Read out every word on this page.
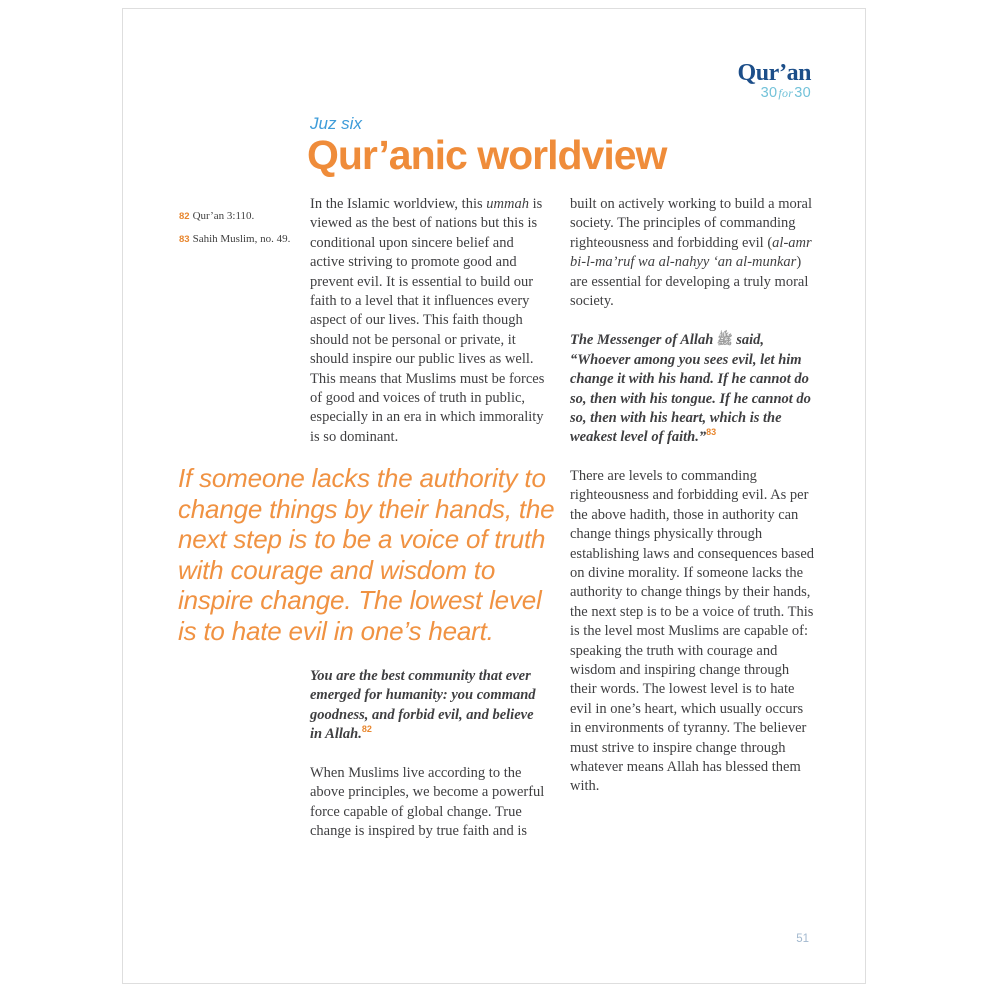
Qur’an
30for30
Juz six
Qur’anic worldview
82 Qur’an 3:110.
83 Sahih Muslim, no. 49.
In the Islamic worldview, this ummah is viewed as the best of nations but this is conditional upon sincere belief and active striving to promote good and prevent evil. It is essential to build our faith to a level that it influences every aspect of our lives. This faith though should not be personal or private, it should inspire our public lives as well. This means that Muslims must be forces of good and voices of truth in public, especially in an era in which immorality is so dominant.
If someone lacks the authority to change things by their hands, the next step is to be a voice of truth with courage and wisdom to inspire change. The lowest level is to hate evil in one’s heart.
You are the best community that ever emerged for humanity: you command goodness, and forbid evil, and believe in Allah.$^{82}$
When Muslims live according to the above principles, we become a powerful force capable of global change. True change is inspired by true faith and is
built on actively working to build a moral society. The principles of commanding righteousness and forbidding evil (al-amr bi-l-ma’ruf wa al-nahyy ‘an al-munkar) are essential for developing a truly moral society.
The Messenger of Allah ﷺ said, “Whoever among you sees evil, let him change it with his hand. If he cannot do so, then with his tongue. If he cannot do so, then with his heart, which is the weakest level of faith.”$^{83}$
There are levels to commanding righteousness and forbidding evil. As per the above hadith, those in authority can change things physically through establishing laws and consequences based on divine morality. If someone lacks the authority to change things by their hands, the next step is to be a voice of truth. This is the level most Muslims are capable of: speaking the truth with courage and wisdom and inspiring change through their words. The lowest level is to hate evil in one’s heart, which usually occurs in environments of tyranny. The believer must strive to inspire change through whatever means Allah has blessed them with.
51
